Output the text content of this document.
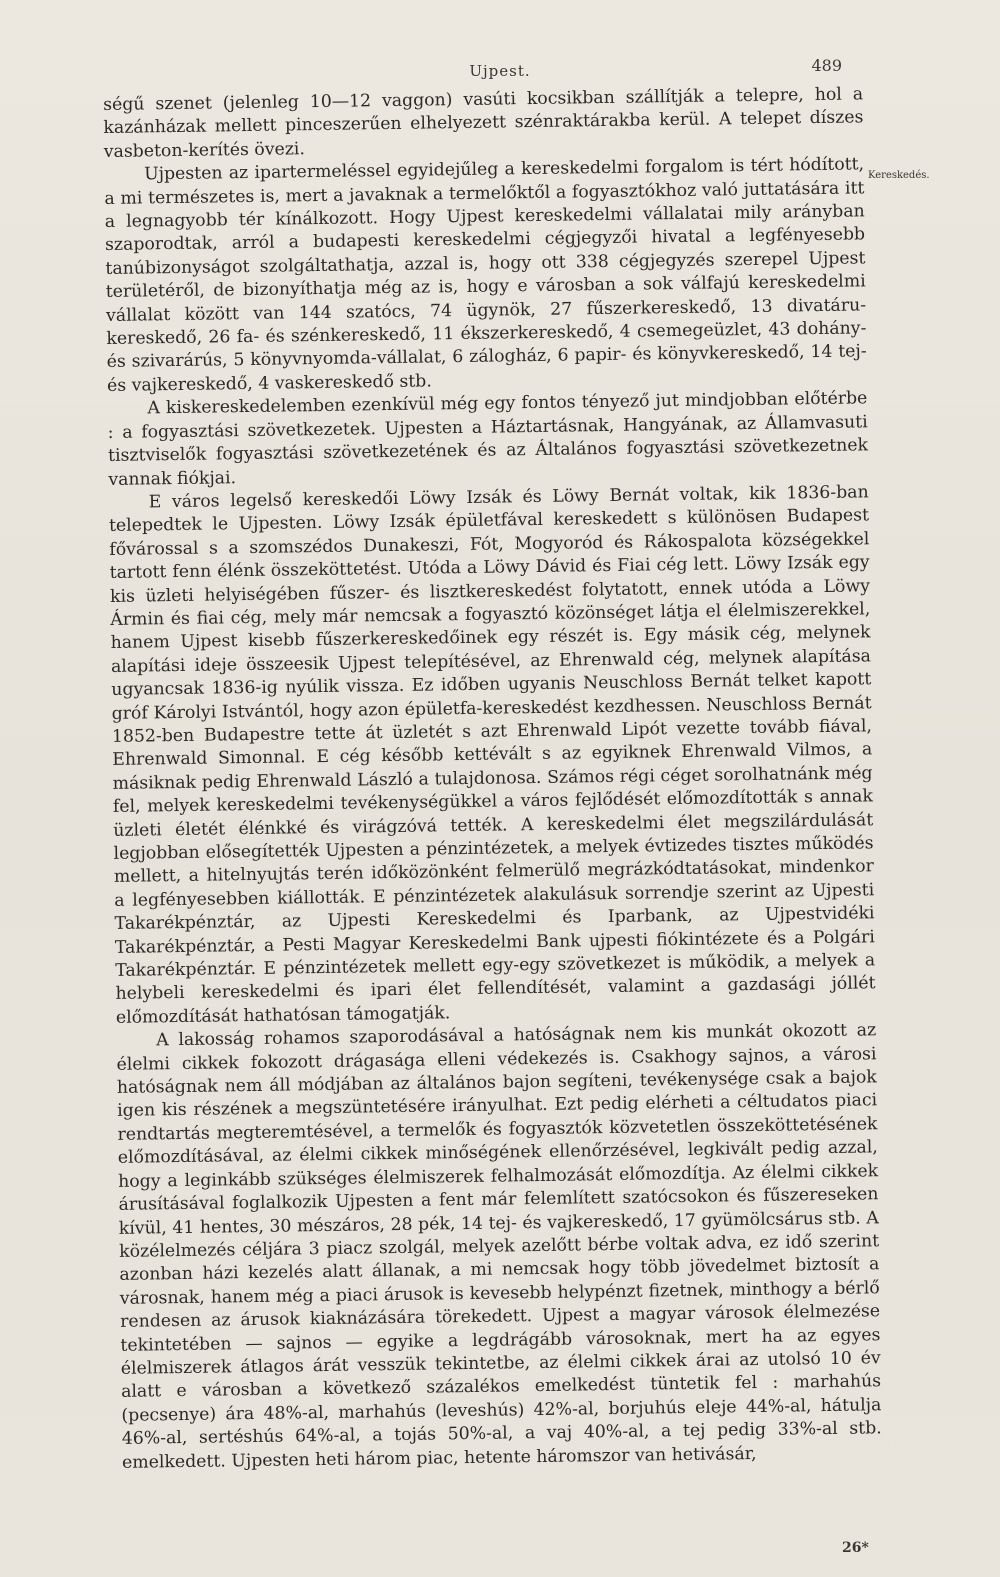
Ujpest.	489
Kereskedés.

ségű szenet (jelenleg 10—12 vaggon) vasúti kocsikban szállítják a telepre, hol a kazánházak mellett pinceszerűen elhelyezett szénraktárakba kerül. A telepet díszes vasbeton-kerítés övezi.

Ujpesten az ipartermeléssel egyidejűleg a kereskedelmi forgalom is tért hódított, a mi természetes is, mert a javaknak a termelőktől a fogyasztókhoz való juttatására itt a legnagyobb tér kínálkozott. Hogy Ujpest kereskedelmi vállalatai mily arányban szaporodtak, arról a budapesti kereskedelmi cégjegyzői hivatal a legfényesebb tanúbizonyságot szolgáltathatja, azzal is, hogy ott 338 cégjegyzés szerepel Ujpest területéről, de bizonyíthatja még az is, hogy e városban a sok válfajú kereskedelmi vállalat között van 144 szatócs, 74 ügynök, 27 fűszerkereskedő, 13 divatáru-kereskedő, 26 fa- és szénkereskedő, 11 ékszerkereskedő, 4 csemegeüzlet, 43 dohány- és szivarárús, 5 könyvnyomda-vállalat, 6 zálogház, 6 papir- és könyvkereskedő, 14 tej- és vajkereskedő, 4 vaskereskedő stb.

A kiskereskedelemben ezenkívül még egy fontos tényező jut mindjobban előtérbe : a fogyasztási szövetkezetek. Ujpesten a Háztartásnak, Hangyának, az Államvasuti tisztviselők fogyasztási szövetkezetének és az Általános fogyasztási szövetkezetnek vannak fiókjai.

E város legelső kereskedői Löwy Izsák és Löwy Bernát voltak, kik 1836-ban telepedtek le Ujpesten. Löwy Izsák épületfával kereskedett s különösen Budapest fővárossal s a szomszédos Dunakeszi, Fót, Mogyoród és Rákospalota községekkel tartott fenn élénk összeköttetést. Utóda a Löwy Dávid és Fiai cég lett. Löwy Izsák egy kis üzleti helyiségében fűszer- és lisztkereskedést folytatott, ennek utóda a Löwy Ármin és fiai cég, mely már nemcsak a fogyasztó közönséget látja el élelmiszerekkel, hanem Ujpest kisebb fűszerkereskedőinek egy részét is. Egy másik cég, melynek alapítási ideje összeesik Ujpest telepítésével, az Ehrenwald cég, melynek alapítása ugyancsak 1836-ig nyúlik vissza. Ez időben ugyanis Neuschloss Bernát telket kapott gróf Károlyi Istvántól, hogy azon épületfa-kereskedést kezdhessen. Neuschloss Bernát 1852-ben Budapestre tette át üzletét s azt Ehrenwald Lipót vezette tovább fiával, Ehrenwald Simonnal. E cég később kettévált s az egyiknek Ehrenwald Vilmos, a másiknak pedig Ehrenwald László a tulajdonosa. Számos régi céget sorolhatnánk még fel, melyek kereskedelmi tevékenységükkel a város fejlődését előmozdították s annak üzleti életét élénkké és virágzóvá tették. A kereskedelmi élet megszilárdulását legjobban elősegítették Ujpesten a pénzintézetek, a melyek évtizedes tisztes működés mellett, a hitelnyujtás terén időközönként felmerülő megrázkódtatásokat, mindenkor a legfényesebben kiállották. E pénzintézetek alakulásuk sorrendje szerint az Ujpesti Takarékpénztár, az Ujpesti Kereskedelmi és Iparbank, az Ujpestvidéki Takarékpénztár, a Pesti Magyar Kereskedelmi Bank ujpesti fiókintézete és a Polgári Takarékpénztár. E pénzintézetek mellett egy-egy szövetkezet is működik, a melyek a helybeli kereskedelmi és ipari élet fellendítését, valamint a gazdasági jóllét előmozdítását hathatósan támogatják.

A lakosság rohamos szaporodásával a hatóságnak nem kis munkát okozott az élelmi cikkek fokozott drágasága elleni védekezés is. Csakhogy sajnos, a városi hatóságnak nem áll módjában az általános bajon segíteni, tevékenysége csak a bajok igen kis részének a megszüntetésére irányulhat. Ezt pedig elérheti a céltudatos piaci rendtartás megteremtésével, a termelők és fogyasztók közvetetlen összeköttetésének előmozdításával, az élelmi cikkek minőségének ellenőrzésével, legkivált pedig azzal, hogy a leginkább szükséges élelmiszerek felhalmozását előmozdítja. Az élelmi cikkek árusításával foglalkozik Ujpesten a fent már felemlített szatócsokon és fűszereseken kívül, 41 hentes, 30 mészáros, 28 pék, 14 tej- és vajkereskedő, 17 gyümölcsárus stb. A közélelmezés céljára 3 piacz szolgál, melyek azelőtt bérbe voltak adva, ez idő szerint azonban házi kezelés alatt állanak, a mi nemcsak hogy több jövedelmet biztosít a városnak, hanem még a piaci árusok is kevesebb helypénzt fizetnek, minthogy a bérlő rendesen az árusok kiaknázására törekedett. Ujpest a magyar városok élelmezése tekintetében — sajnos — egyike a legdrágább városoknak, mert ha az egyes élelmiszerek átlagos árát vesszük tekintetbe, az élelmi cikkek árai az utolsó 10 év alatt e városban a következő százalékos emelkedést tüntetik fel : marhahús (pecsenye) ára 48%-al, marhahús (leveshús) 42%-al, borjuhús eleje 44%-al, hátulja 46%-al, sertéshús 64%-al, a tojás 50%-al, a vaj 40%-al, a tej pedig 33%-al stb. emelkedett. Ujpesten heti három piac, hetente háromszor van hetivásár,

26*
